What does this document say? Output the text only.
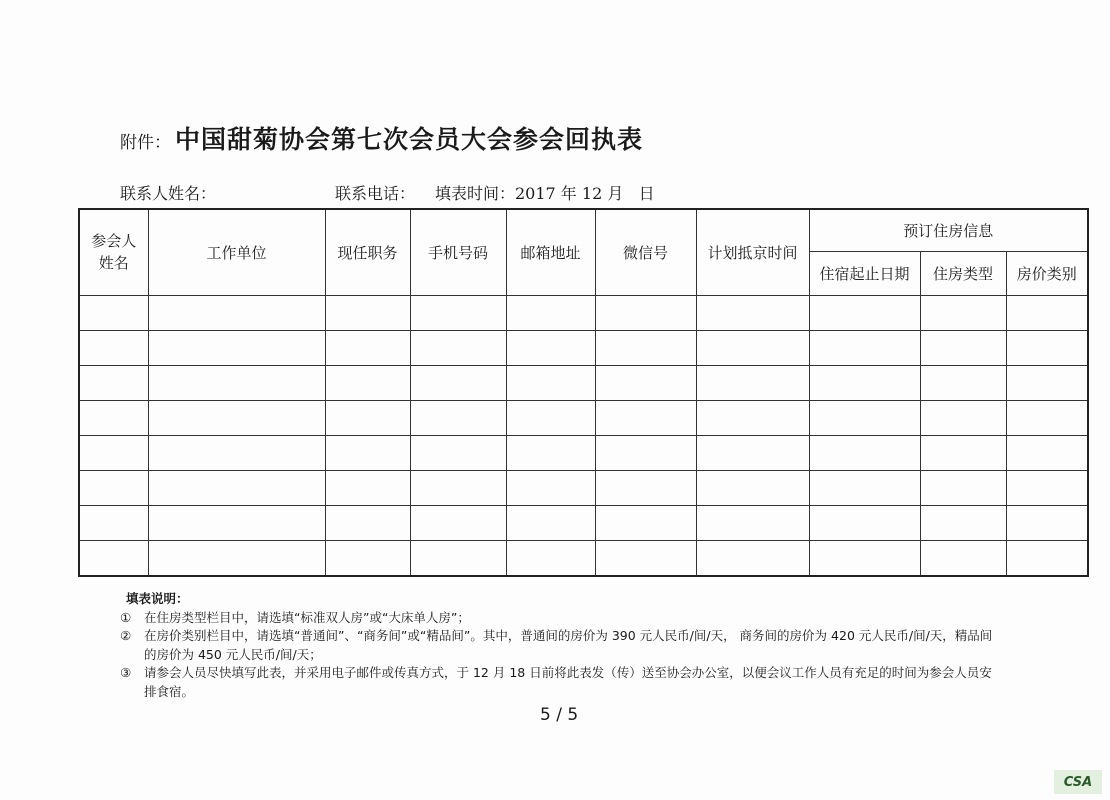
附件： 中国甜菊协会第七次会员大会参会回执表
联系人姓名：	联系电话：	填表时间：2017 年 12 月   日
参会人姓名	工作单位	现任职务	手机号码	邮箱地址	微信号	计划抵京时间	预订住房信息		
							住宿起止日期	住房类型	房价类别

填表说明：
①	在住房类型栏目中，请选填“标准双人房”或“大床单人房”；
②	在房价类别栏目中，请选填“普通间”、“商务间”或“精品间”。其中，普通间的房价为 390 元人民币/间/天， 商务间的房价为 420 元人民币/间/天，精品间的房价为 450 元人民币/间/天；
③	请参会人员尽快填写此表，并采用电子邮件或传真方式，于 12 月 18 日前将此表发（传）送至协会办公室，以便会议工作人员有充足的时间为参会人员安排食宿。
5 / 5
CSA
